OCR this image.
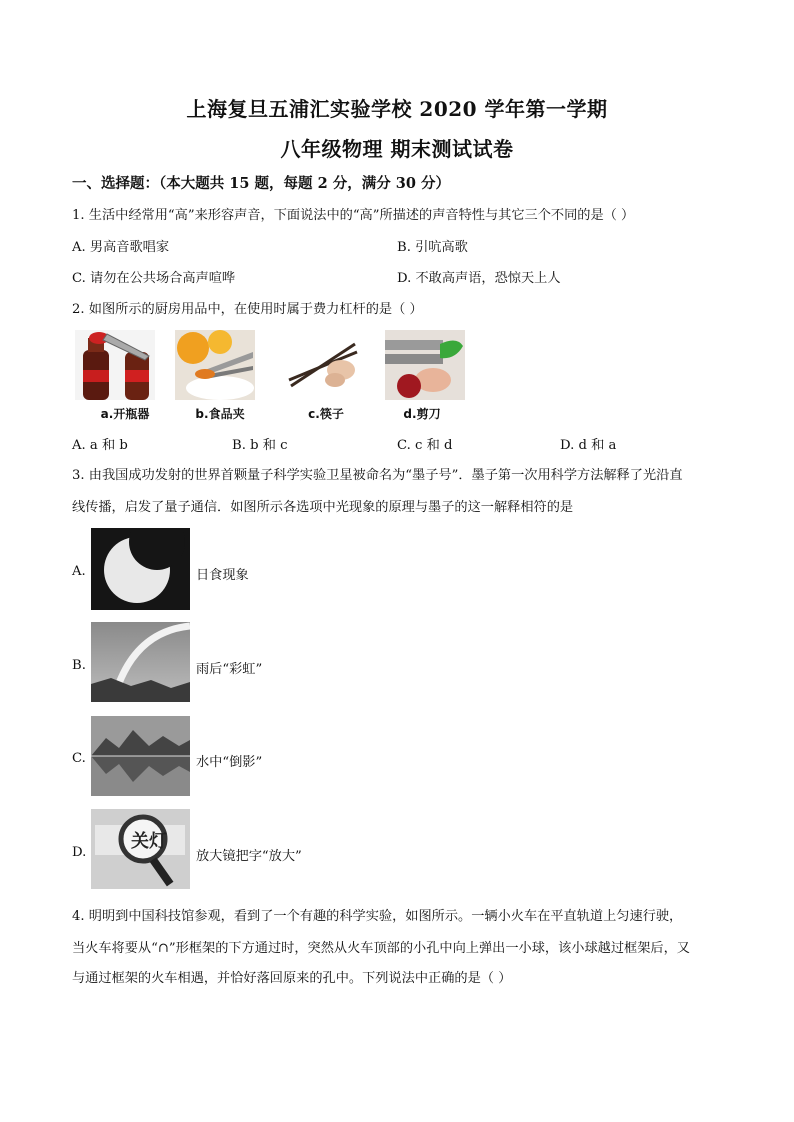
上海复旦五浦汇实验学校 2020 学年第一学期
八年级物理 期末测试试卷
一、选择题：（本大题共 15 题，每题 2 分，满分 30 分）
1. 生活中经常用“高”来形容声音，下面说法中的“高”所描述的声音特性与其它三个不同的是（ ）
A. 男高音歌唱家	B. 引吭高歌
C. 请勿在公共场合高声喧哗	D. 不敢高声语，恐惊天上人
2. 如图所示的厨房用品中，在使用时属于费力杠杆的是（ ）
a.开瓶器	b.食品夹	c.筷子	d.剪刀
A. a 和 b	B. b 和 c	C. c 和 d	D. d 和 a
3. 由我国成功发射的世界首颗量子科学实验卫星被命名为“墨子号”．墨子第一次用科学方法解释了光沿直
线传播，启发了量子通信．如图所示各选项中光现象的原理与墨子的这一解释相符的是
A.	日食现象
B.	雨后“彩虹”
C.	水中“倒影”
D.
关灯
放大镜把字“放大”
4. 明明到中国科技馆参观，看到了一个有趣的科学实验，如图所示。一辆小火车在平直轨道上匀速行驶，
当火车将要从“∩”形框架的下方通过时，突然从火车顶部的小孔中向上弹出一小球，该小球越过框架后，又
与通过框架的火车相遇，并恰好落回原来的孔中。下列说法中正确的是（ ）
